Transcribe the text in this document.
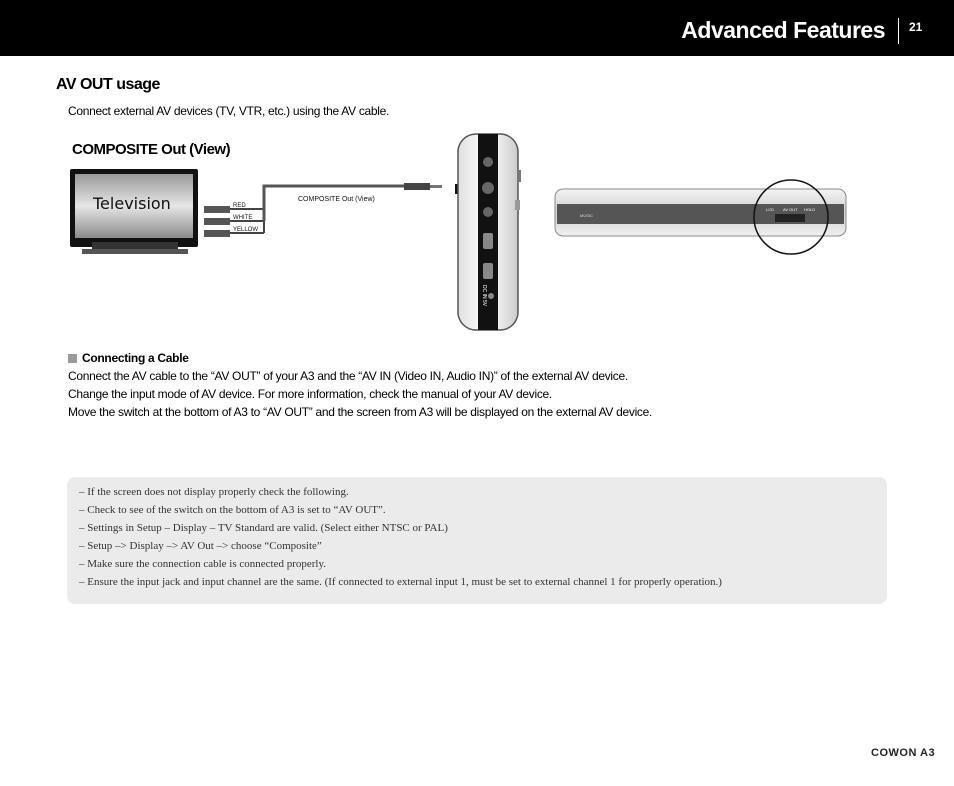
Advanced Features 21
AV OUT usage
Connect external AV devices (TV, VTR, etc.) using the AV cable.
COMPOSITE Out (View)
Television	RED
WHITE
YELLOW
COMPOSITE Out (View)
DC IN 5V
MUSIC
LCD AV OUT HOLD
Connecting a Cable
Connect the AV cable to the “AV OUT” of your A3 and the “AV IN (Video IN, Audio IN)” of the external AV device.
Change the input mode of AV device. For more information, check the manual of your AV device.
Move the switch at the bottom of A3 to “AV OUT” and the screen from A3 will be displayed on the external AV device.
– If the screen does not display properly check the following.
– Check to see of the switch on the bottom of A3 is set to “AV OUT”.
– Settings in Setup – Display – TV Standard are valid. (Select either NTSC or PAL)
– Setup –> Display –> AV Out –> choose “Composite”
– Make sure the connection cable is connected properly.
– Ensure the input jack and input channel are the same. (If connected to external input 1, must be set to external channel 1 for properly operation.)
COWON A3
